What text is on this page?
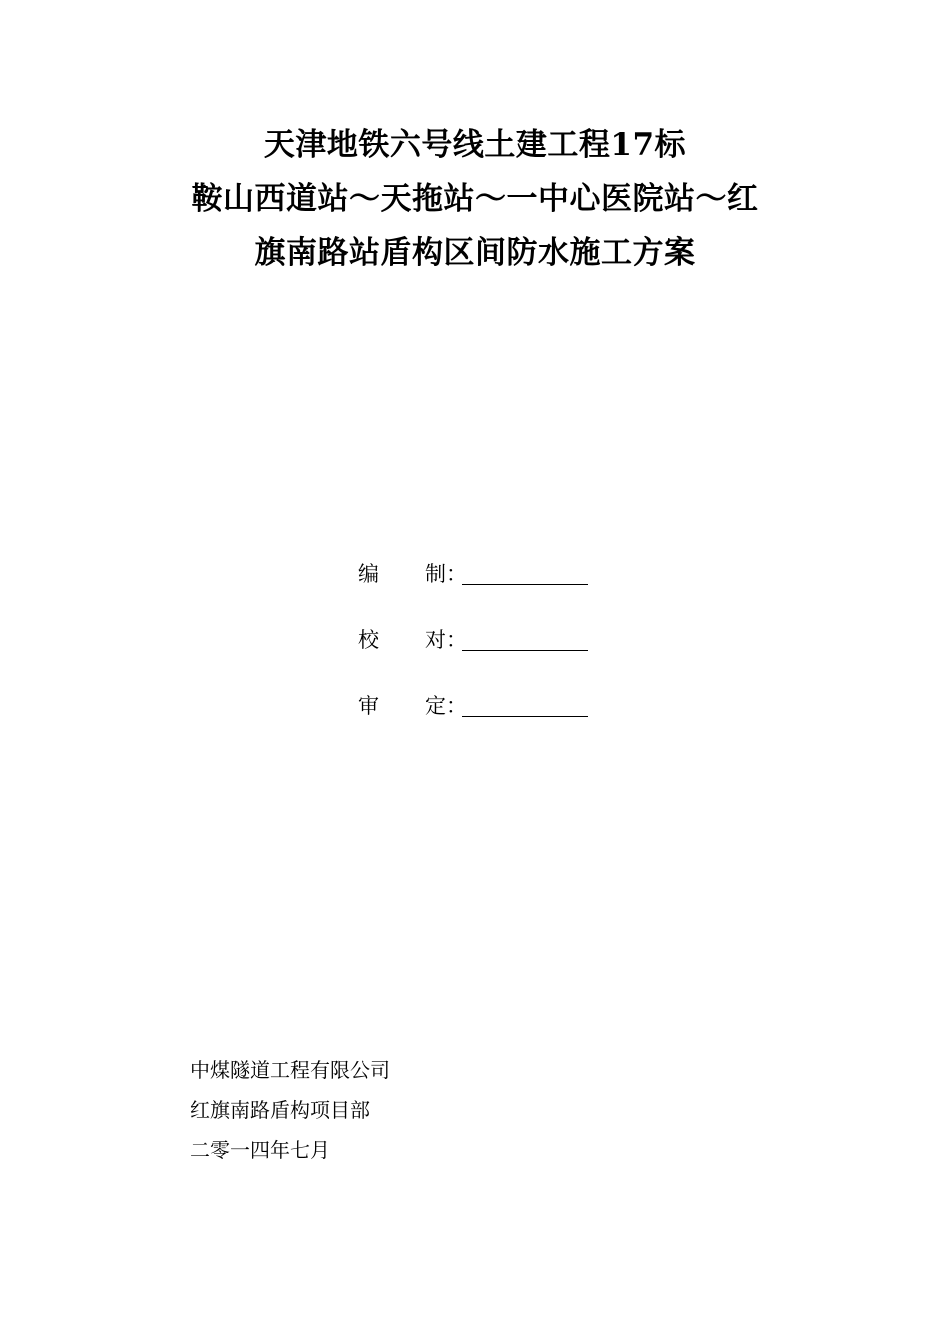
天津地铁六号线土建工程17标
鞍山西道站～天拖站～一中心医院站～红
旗南路站盾构区间防水施工方案
编 制 ：
校 对 ：
审 定 ：
中煤隧道工程有限公司
红旗南路盾构项目部
二零一四年七月
